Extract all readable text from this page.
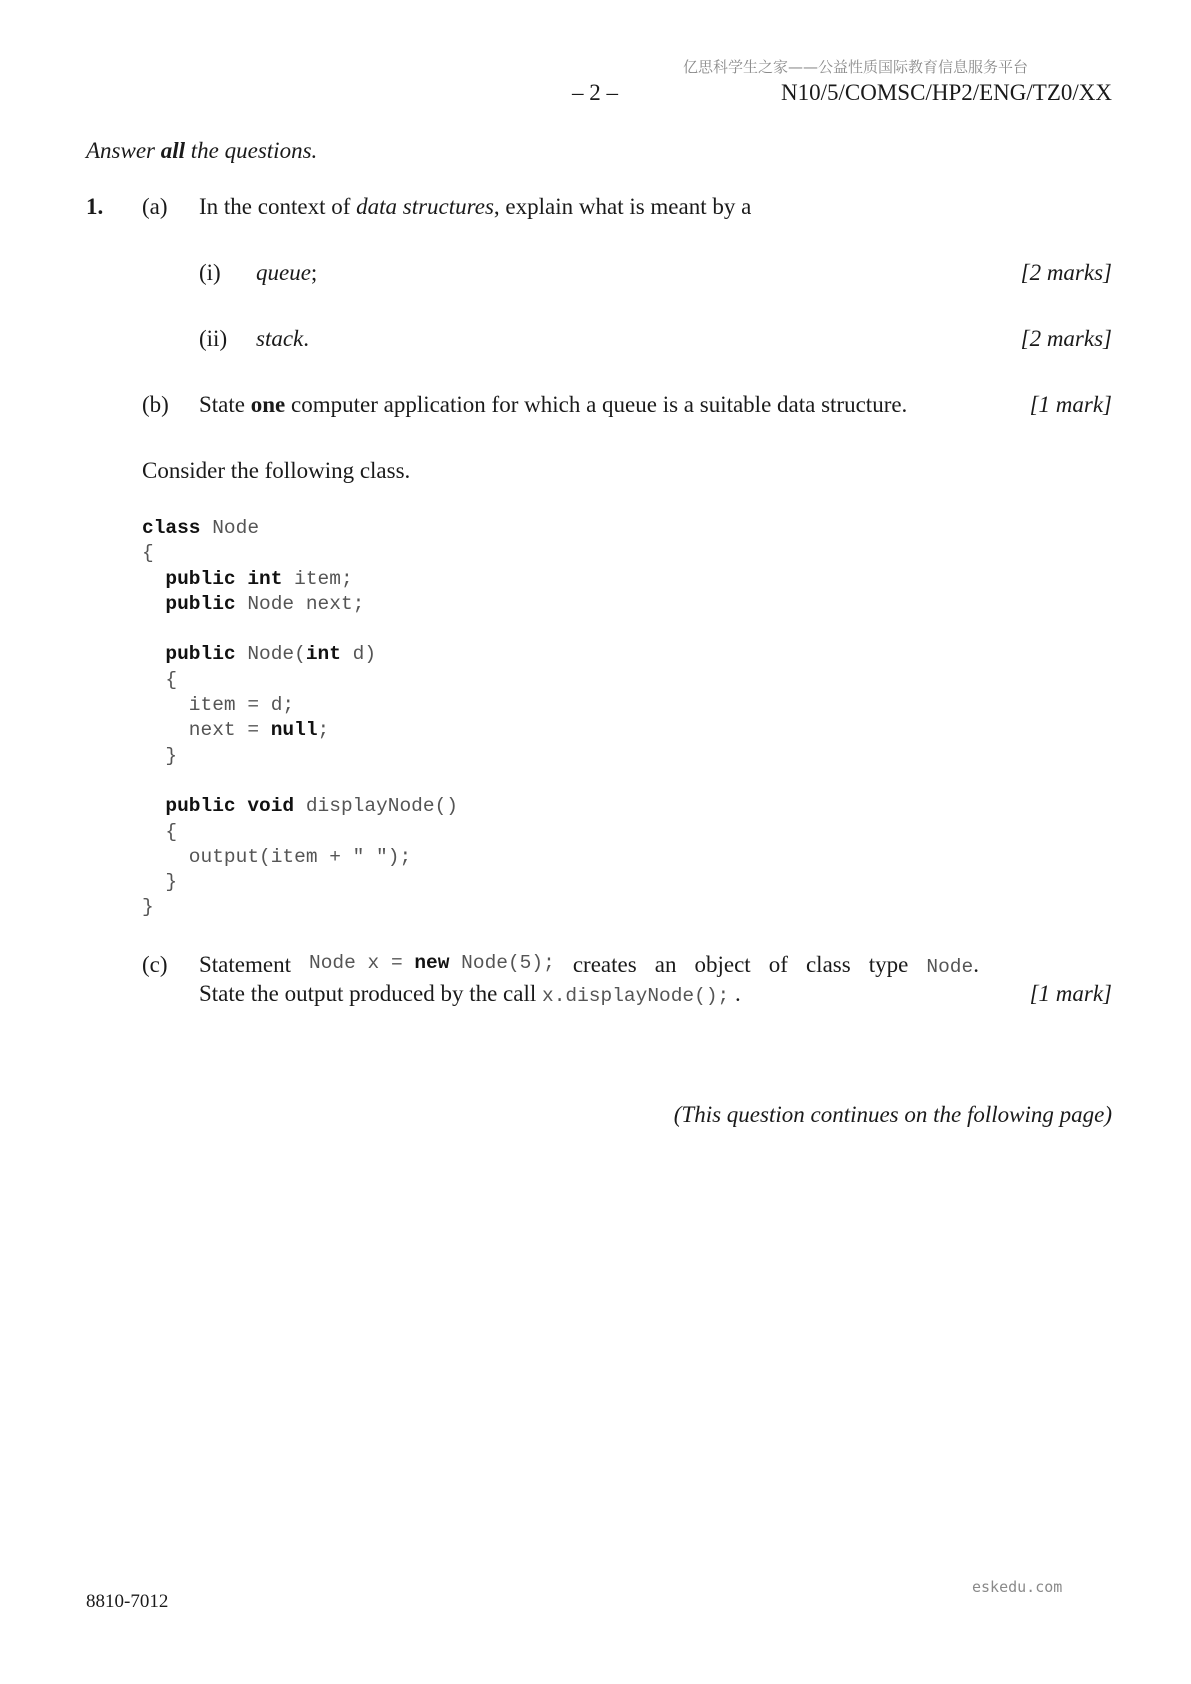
亿思科学生之家——公益性质国际教育信息服务平台
– 2 –	N10/5/COMSC/HP2/ENG/TZ0/XX
Answer all the questions.
1. (a) In the context of data structures, explain what is meant by a
(i) queue;	[2 marks]
(ii) stack.	[2 marks]
(b) State one computer application for which a queue is a suitable data structure.	[1 mark]
Consider the following class.
class Node
{
public int item;
public Node next;
public Node(int d)
{
item = d;
next = null;
}
public void displayNode()
{
output(item + " ");
}
}
(c) Statement Node x = new Node(5); creates an object of class type Node.
State the output produced by the call x.displayNode(); .	[1 mark]
(This question continues on the following page)
eskedu.com
8810-7012
